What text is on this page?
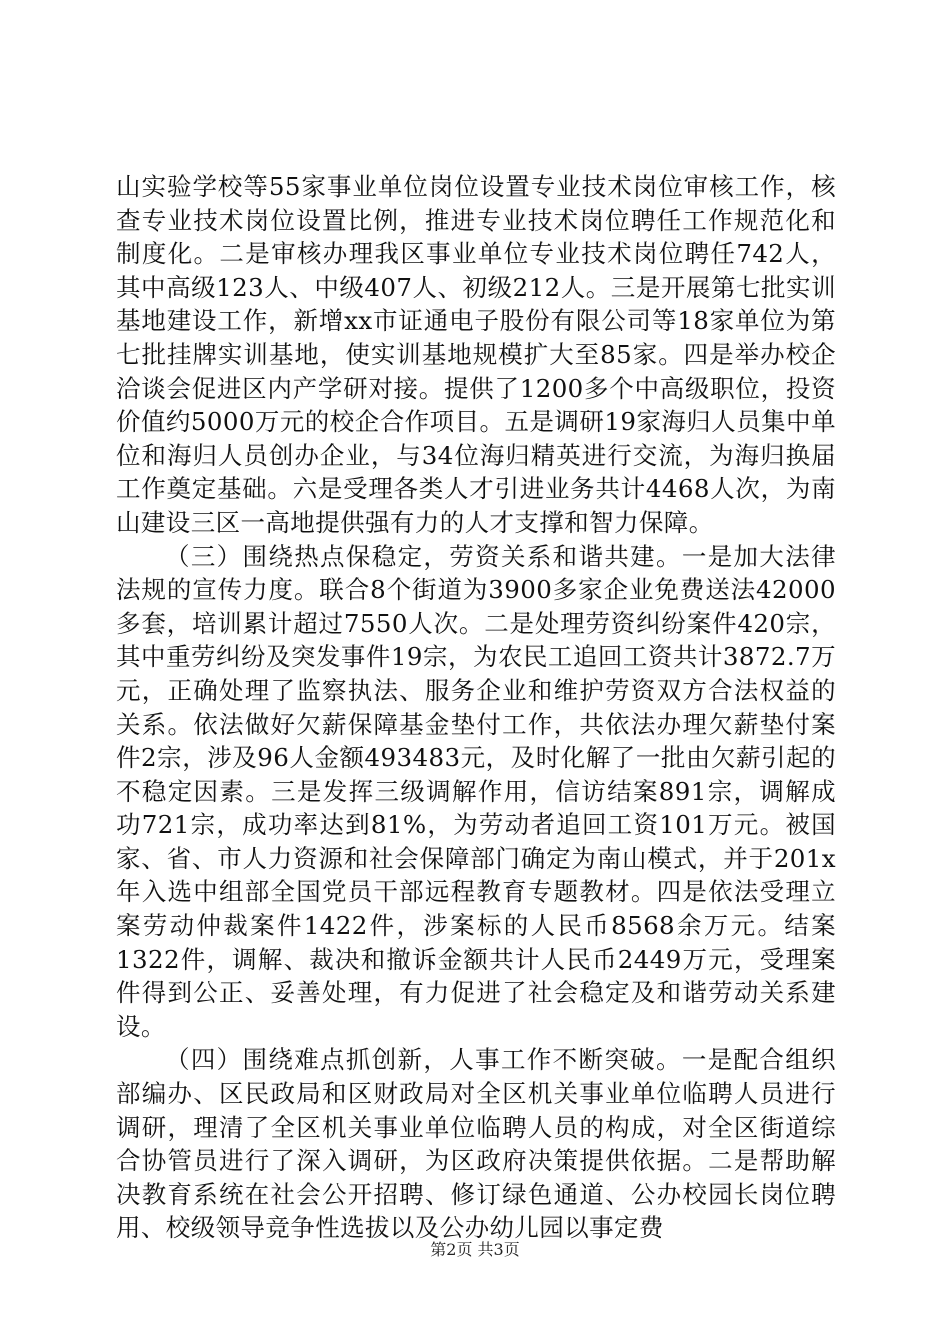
山实验学校等55家事业单位岗位设置专业技术岗位审核工作，核查专业技术岗位设置比例，推进专业技术岗位聘任工作规范化和制度化。二是审核办理我区事业单位专业技术岗位聘任742人，其中高级123人、中级407人、初级212人。三是开展第七批实训基地建设工作，新增xx市证通电子股份有限公司等18家单位为第七批挂牌实训基地，使实训基地规模扩大至85家。四是举办校企洽谈会促进区内产学研对接。提供了1200多个中高级职位，投资价值约5000万元的校企合作项目。五是调研19家海归人员集中单位和海归人员创办企业，与34位海归精英进行交流，为海归换届工作奠定基础。六是受理各类人才引进业务共计4468人次，为南山建设三区一高地提供强有力的人才支撑和智力保障。

（三）围绕热点保稳定，劳资关系和谐共建。一是加大法律法规的宣传力度。联合8个街道为3900多家企业免费送法42000多套，培训累计超过7550人次。二是处理劳资纠纷案件420宗，其中重劳纠纷及突发事件19宗，为农民工追回工资共计3872.7万元，正确处理了监察执法、服务企业和维护劳资双方合法权益的关系。依法做好欠薪保障基金垫付工作，共依法办理欠薪垫付案件2宗，涉及96人金额493483元，及时化解了一批由欠薪引起的不稳定因素。三是发挥三级调解作用，信访结案891宗，调解成功721宗，成功率达到81%，为劳动者追回工资101万元。被国家、省、市人力资源和社会保障部门确定为南山模式，并于201x年入选中组部全国党员干部远程教育专题教材。四是依法受理立案劳动仲裁案件1422件，涉案标的人民币8568余万元。结案1322件，调解、裁决和撤诉金额共计人民币2449万元，受理案件得到公正、妥善处理，有力促进了社会稳定及和谐劳动关系建设。

（四）围绕难点抓创新，人事工作不断突破。一是配合组织部编办、区民政局和区财政局对全区机关事业单位临聘人员进行调研，理清了全区机关事业单位临聘人员的构成，对全区街道综合协管员进行了深入调研，为区政府决策提供依据。二是帮助解决教育系统在社会公开招聘、修订绿色通道、公办校园长岗位聘用、校级领导竞争性选拔以及公办幼儿园以事定费

第2页 共3页
